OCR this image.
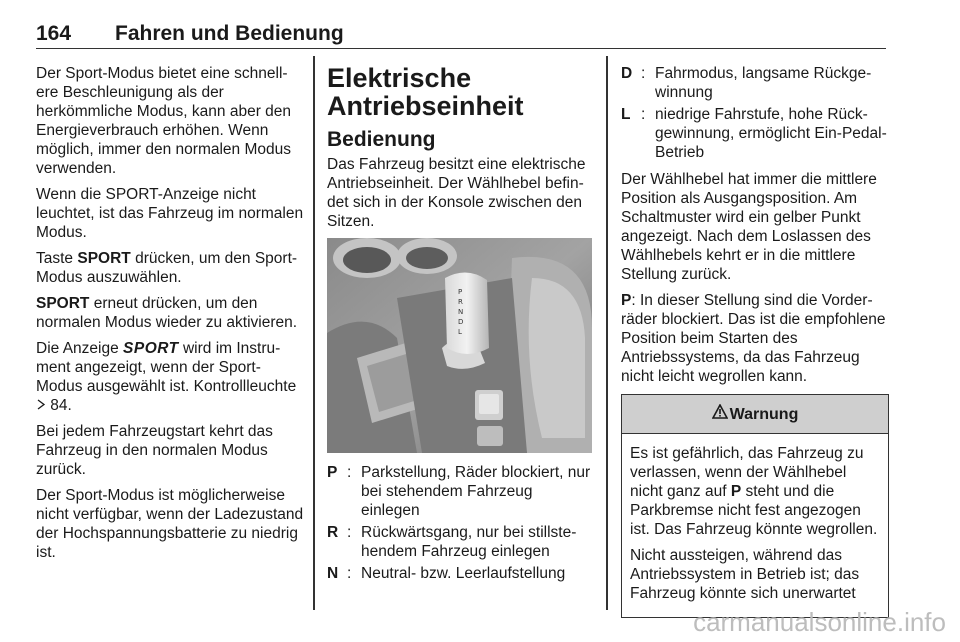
164 Fahren und Bedienung

Der Sport-Modus bietet eine schnellere Beschleunigung als der herkömmliche Modus, kann aber den Energieverbrauch erhöhen. Wenn möglich, immer den normalen Modus verwenden.

Wenn die SPORT-Anzeige nicht leuchtet, ist das Fahrzeug im normalen Modus.

Taste SPORT drücken, um den Sport-Modus auszuwählen.

SPORT erneut drücken, um den normalen Modus wieder zu aktivieren.

Die Anzeige SPORT wird im Instrument angezeigt, wenn der Sport-Modus ausgewählt ist. Kontrollleuchte  84.

Bei jedem Fahrzeugstart kehrt das Fahrzeug in den normalen Modus zurück.

Der Sport-Modus ist möglicherweise nicht verfügbar, wenn der Ladezustand der Hochspannungsbatterie zu niedrig ist.

Elektrische Antriebseinheit
Bedienung

Das Fahrzeug besitzt eine elektrische Antriebseinheit. Der Wählhebel befindet sich in der Konsole zwischen den Sitzen.

P
R
N
D
L
P : Parkstellung, Räder blockiert, nur bei stehendem Fahrzeug einlegen
R : Rückwärtsgang, nur bei stillstehendem Fahrzeug einlegen
N : Neutral- bzw. Leerlaufstellung
D : Fahrmodus, langsame Rückgewinnung
L : niedrige Fahrstufe, hohe Rückgewinnung, ermöglicht Ein-Pedal-Betrieb

Der Wählhebel hat immer die mittlere Position als Ausgangsposition. Am Schaltmuster wird ein gelber Punkt angezeigt. Nach dem Loslassen des Wählhebels kehrt er in die mittlere Stellung zurück.

P: In dieser Stellung sind die Vorderräder blockiert. Das ist die empfohlene Position beim Starten des Antriebssystems, da das Fahrzeug nicht leicht wegrollen kann.

Warnung

Es ist gefährlich, das Fahrzeug zu verlassen, wenn der Wählhebel nicht ganz auf P steht und die Parkbremse nicht fest angezogen ist. Das Fahrzeug könnte wegrollen.

Nicht aussteigen, während das Antriebssystem in Betrieb ist; das Fahrzeug könnte sich unerwartet

carmanualsonline.info
